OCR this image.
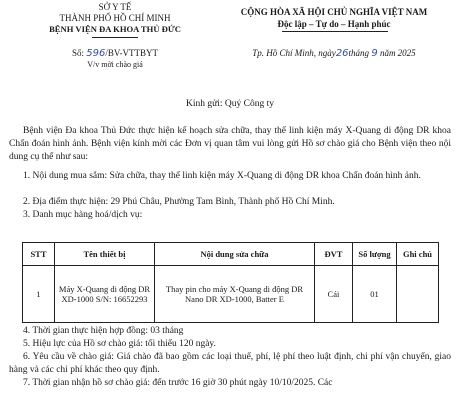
SỞ Y TẾ
THÀNH PHỐ HỒ CHÍ MINH
BỆNH VIỆN ĐA KHOA THỦ ĐỨC
Số: 596/BV-VTTBYT
V/v mời chào giá
CỘNG HÒA XÃ HỘI CHỦ NGHĨA VIỆT NAM
Độc lập – Tự do – Hạnh phúc
Tp. Hồ Chí Minh, ngày26tháng 9 năm 2025
Kính gửi: Quý Công ty
Bệnh viện Đa khoa Thủ Đức thực hiện kế hoạch sửa chữa, thay thế linh kiện máy X-Quang di động DR khoa Chẩn đoán hình ảnh. Bệnh viện kính mời các Đơn vị quan tâm vui lòng gửi Hồ sơ chào giá cho Bệnh viện theo nội dung cụ thể như sau:
1. Nội dung mua sắm: Sửa chữa, thay thế linh kiện máy X-Quang di động DR khoa Chẩn đoán hình ảnh.
2. Địa điểm thực hiện: 29 Phú Châu, Phường Tam Bình, Thành phố Hồ Chí Minh.
3. Danh mục hàng hoá/dịch vụ:
STT	Tên thiết bị	Nội dung sửa chữa	ĐVT	Số lượng	Ghi chú
1	Máy X-Quang di động DR XD-1000 S/N: 16652293	Thay pin cho máy X-Quang di động DR Nano DR XD-1000, Batter E	Cái	01	
4. Thời gian thực hiện hợp đồng: 03 tháng
5. Hiệu lực của Hồ sơ chào giá: tối thiểu 120 ngày.
6. Yêu cầu về chào giá: Giá chào đã bao gồm các loại thuế, phí, lệ phí theo luật định, chi phí vận chuyển, giao hàng và các chi phí khác theo quy định.
7. Thời gian nhận hồ sơ chào giá: đến trước 16 giờ 30 phút ngày 10/10/2025. Các
